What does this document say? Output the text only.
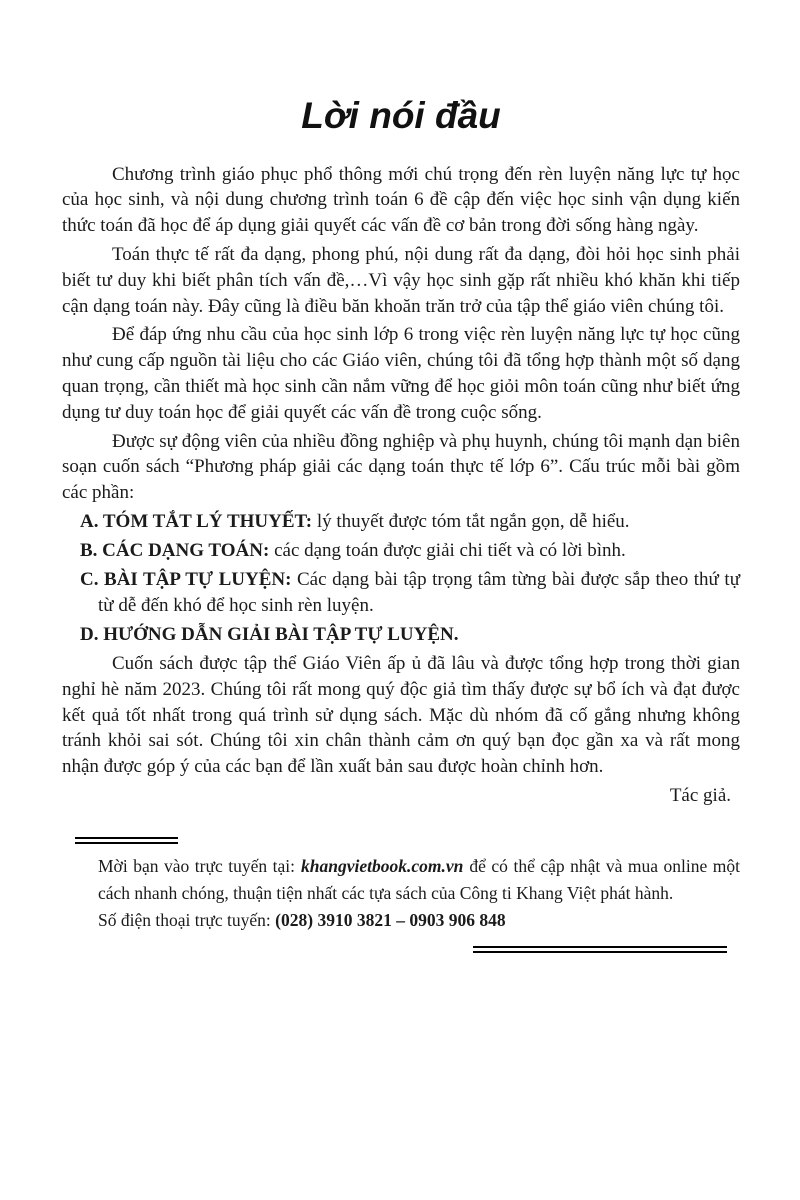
Lời nói đầu

Chương trình giáo phục phổ thông mới chú trọng đến rèn luyện năng lực tự học của học sinh, và nội dung chương trình toán 6 đề cập đến việc học sinh vận dụng kiến thức toán đã học để áp dụng giải quyết các vấn đề cơ bản trong đời sống hàng ngày.

Toán thực tế rất đa dạng, phong phú, nội dung rất đa dạng, đòi hỏi học sinh phải biết tư duy khi biết phân tích vấn đề,…Vì vậy học sinh gặp rất nhiều khó khăn khi tiếp cận dạng toán này. Đây cũng là điều băn khoăn trăn trở của tập thể giáo viên chúng tôi.

Để đáp ứng nhu cầu của học sinh lớp 6 trong việc rèn luyện năng lực tự học cũng như cung cấp nguồn tài liệu cho các Giáo viên, chúng tôi đã tổng hợp thành một số dạng quan trọng, cần thiết mà học sinh cần nắm vững để học giỏi môn toán cũng như biết ứng dụng tư duy toán học để giải quyết các vấn đề trong cuộc sống.

Được sự động viên của nhiều đồng nghiệp và phụ huynh, chúng tôi mạnh dạn biên soạn cuốn sách “Phương pháp giải các dạng toán thực tế lớp 6”. Cấu trúc mỗi bài gồm các phần:

A. TÓM TẮT LÝ THUYẾT: lý thuyết được tóm tắt ngắn gọn, dễ hiểu.
B. CÁC DẠNG TOÁN: các dạng toán được giải chi tiết và có lời bình.
C. BÀI TẬP TỰ LUYỆN: Các dạng bài tập trọng tâm từng bài được sắp theo thứ tự từ dễ đến khó để học sinh rèn luyện.
D. HƯỚNG DẪN GIẢI BÀI TẬP TỰ LUYỆN.

Cuốn sách được tập thể Giáo Viên ấp ủ đã lâu và được tổng hợp trong thời gian nghỉ hè năm 2023. Chúng tôi rất mong quý độc giả tìm thấy được sự bổ ích và đạt được kết quả tốt nhất trong quá trình sử dụng sách. Mặc dù nhóm đã cố gắng nhưng không tránh khỏi sai sót. Chúng tôi xin chân thành cảm ơn quý bạn đọc gần xa và rất mong nhận được góp ý của các bạn để lần xuất bản sau được hoàn chỉnh hơn.

Tác giả.

Mời bạn vào trực tuyến tại: khangvietbook.com.vn để có thể cập nhật và mua online một cách nhanh chóng, thuận tiện nhất các tựa sách của Công ti Khang Việt phát hành.

Số điện thoại trực tuyến: (028) 3910 3821 – 0903 906 848
